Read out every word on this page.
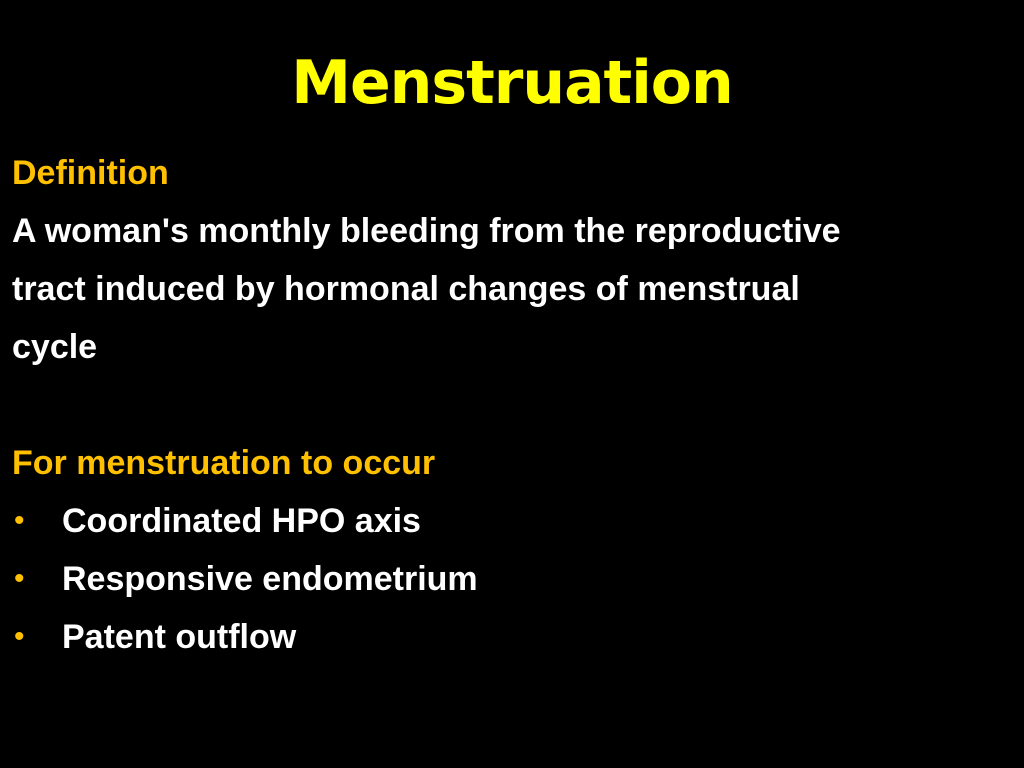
Menstruation
Definition
A woman's monthly bleeding from the reproductive
tract induced by hormonal changes of menstrual
cycle
For menstruation to occur
• Coordinated HPO axis
• Responsive endometrium
• Patent outflow
